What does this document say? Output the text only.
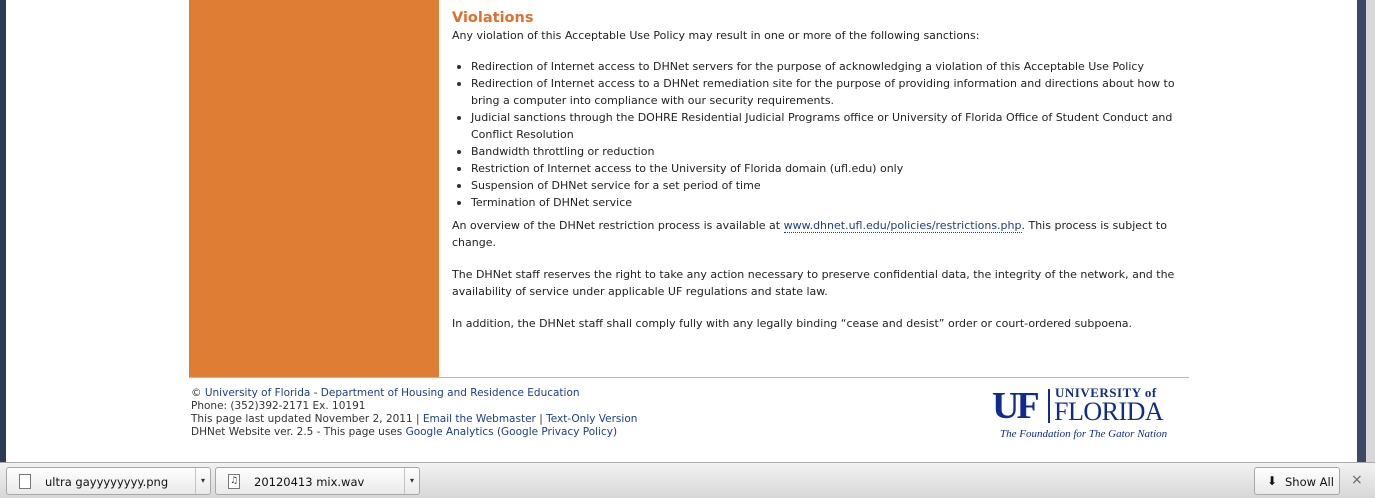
Violations

Any violation of this Acceptable Use Policy may result in one or more of the following sanctions:

Redirection of Internet access to DHNet servers for the purpose of acknowledging a violation of this Acceptable Use Policy
Redirection of Internet access to a DHNet remediation site for the purpose of providing information and directions about how to bring a computer into compliance with our security requirements.
Judicial sanctions through the DOHRE Residential Judicial Programs office or University of Florida Office of Student Conduct and Conflict Resolution
Bandwidth throttling or reduction
Restriction of Internet access to the University of Florida domain (ufl.edu) only
Suspension of DHNet service for a set period of time
Termination of DHNet service

An overview of the DHNet restriction process is available at www.dhnet.ufl.edu/policies/restrictions.php. This process is subject to change.

The DHNet staff reserves the right to take any action necessary to preserve confidential data, the integrity of the network, and the availability of service under applicable UF regulations and state law.

In addition, the DHNet staff shall comply fully with any legally binding “cease and desist” order or court-ordered subpoena.

© University of Florida - Department of Housing and Residence Education
Phone: (352)392-2171 Ex. 10191
This page last updated November 2, 2011 | Email the Webmaster | Text-Only Version
DHNet Website ver. 2.5 - This page uses Google Analytics (Google Privacy Policy)
UF UNIVERSITY of
FLORIDA
The Foundation for The Gator Nation
ultra gayyyyyyyy.png	▾	♫ 20120413 mix.wav	▾	⬇ Show All ×
